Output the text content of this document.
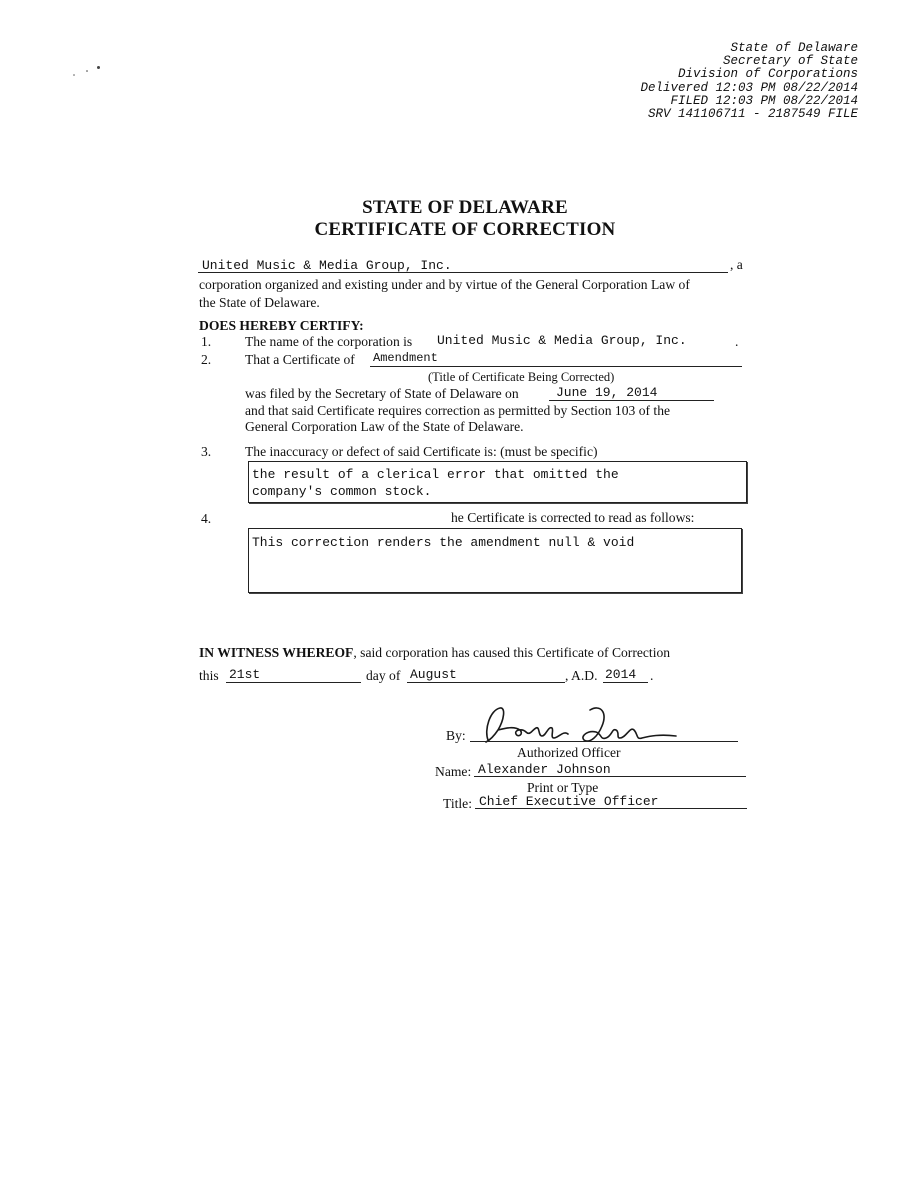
State of Delaware
Secretary of State
Division of Corporations
Delivered 12:03 PM 08/22/2014
FILED 12:03 PM 08/22/2014
SRV 141106711 - 2187549 FILE
STATE OF DELAWARE
CERTIFICATE OF CORRECTION
United Music & Media Group, Inc.	, a
corporation organized and existing under and by virtue of the General Corporation Law of
the State of Delaware.
DOES HEREBY CERTIFY:
1. The name of the corporation is United Music & Media Group, Inc.	.
2. That a Certificate of Amendment
(Title of Certificate Being Corrected)
was filed by the Secretary of State of Delaware on	June 19, 2014
and that said Certificate requires correction as permitted by Section 103 of the
General Corporation Law of the State of Delaware.
3. The inaccuracy or defect of said Certificate is: (must be specific)
the result of a clerical error that omitted the
company's common stock.
4.	he Certificate is corrected to read as follows:
This correction renders the amendment null & void
IN WITNESS WHEREOF, said corporation has caused this Certificate of Correction
this 21st	day of August	, A.D. 2014 .
By:
Authorized Officer
Name: Alexander Johnson
Print or Type
Title: Chief Executive Officer
